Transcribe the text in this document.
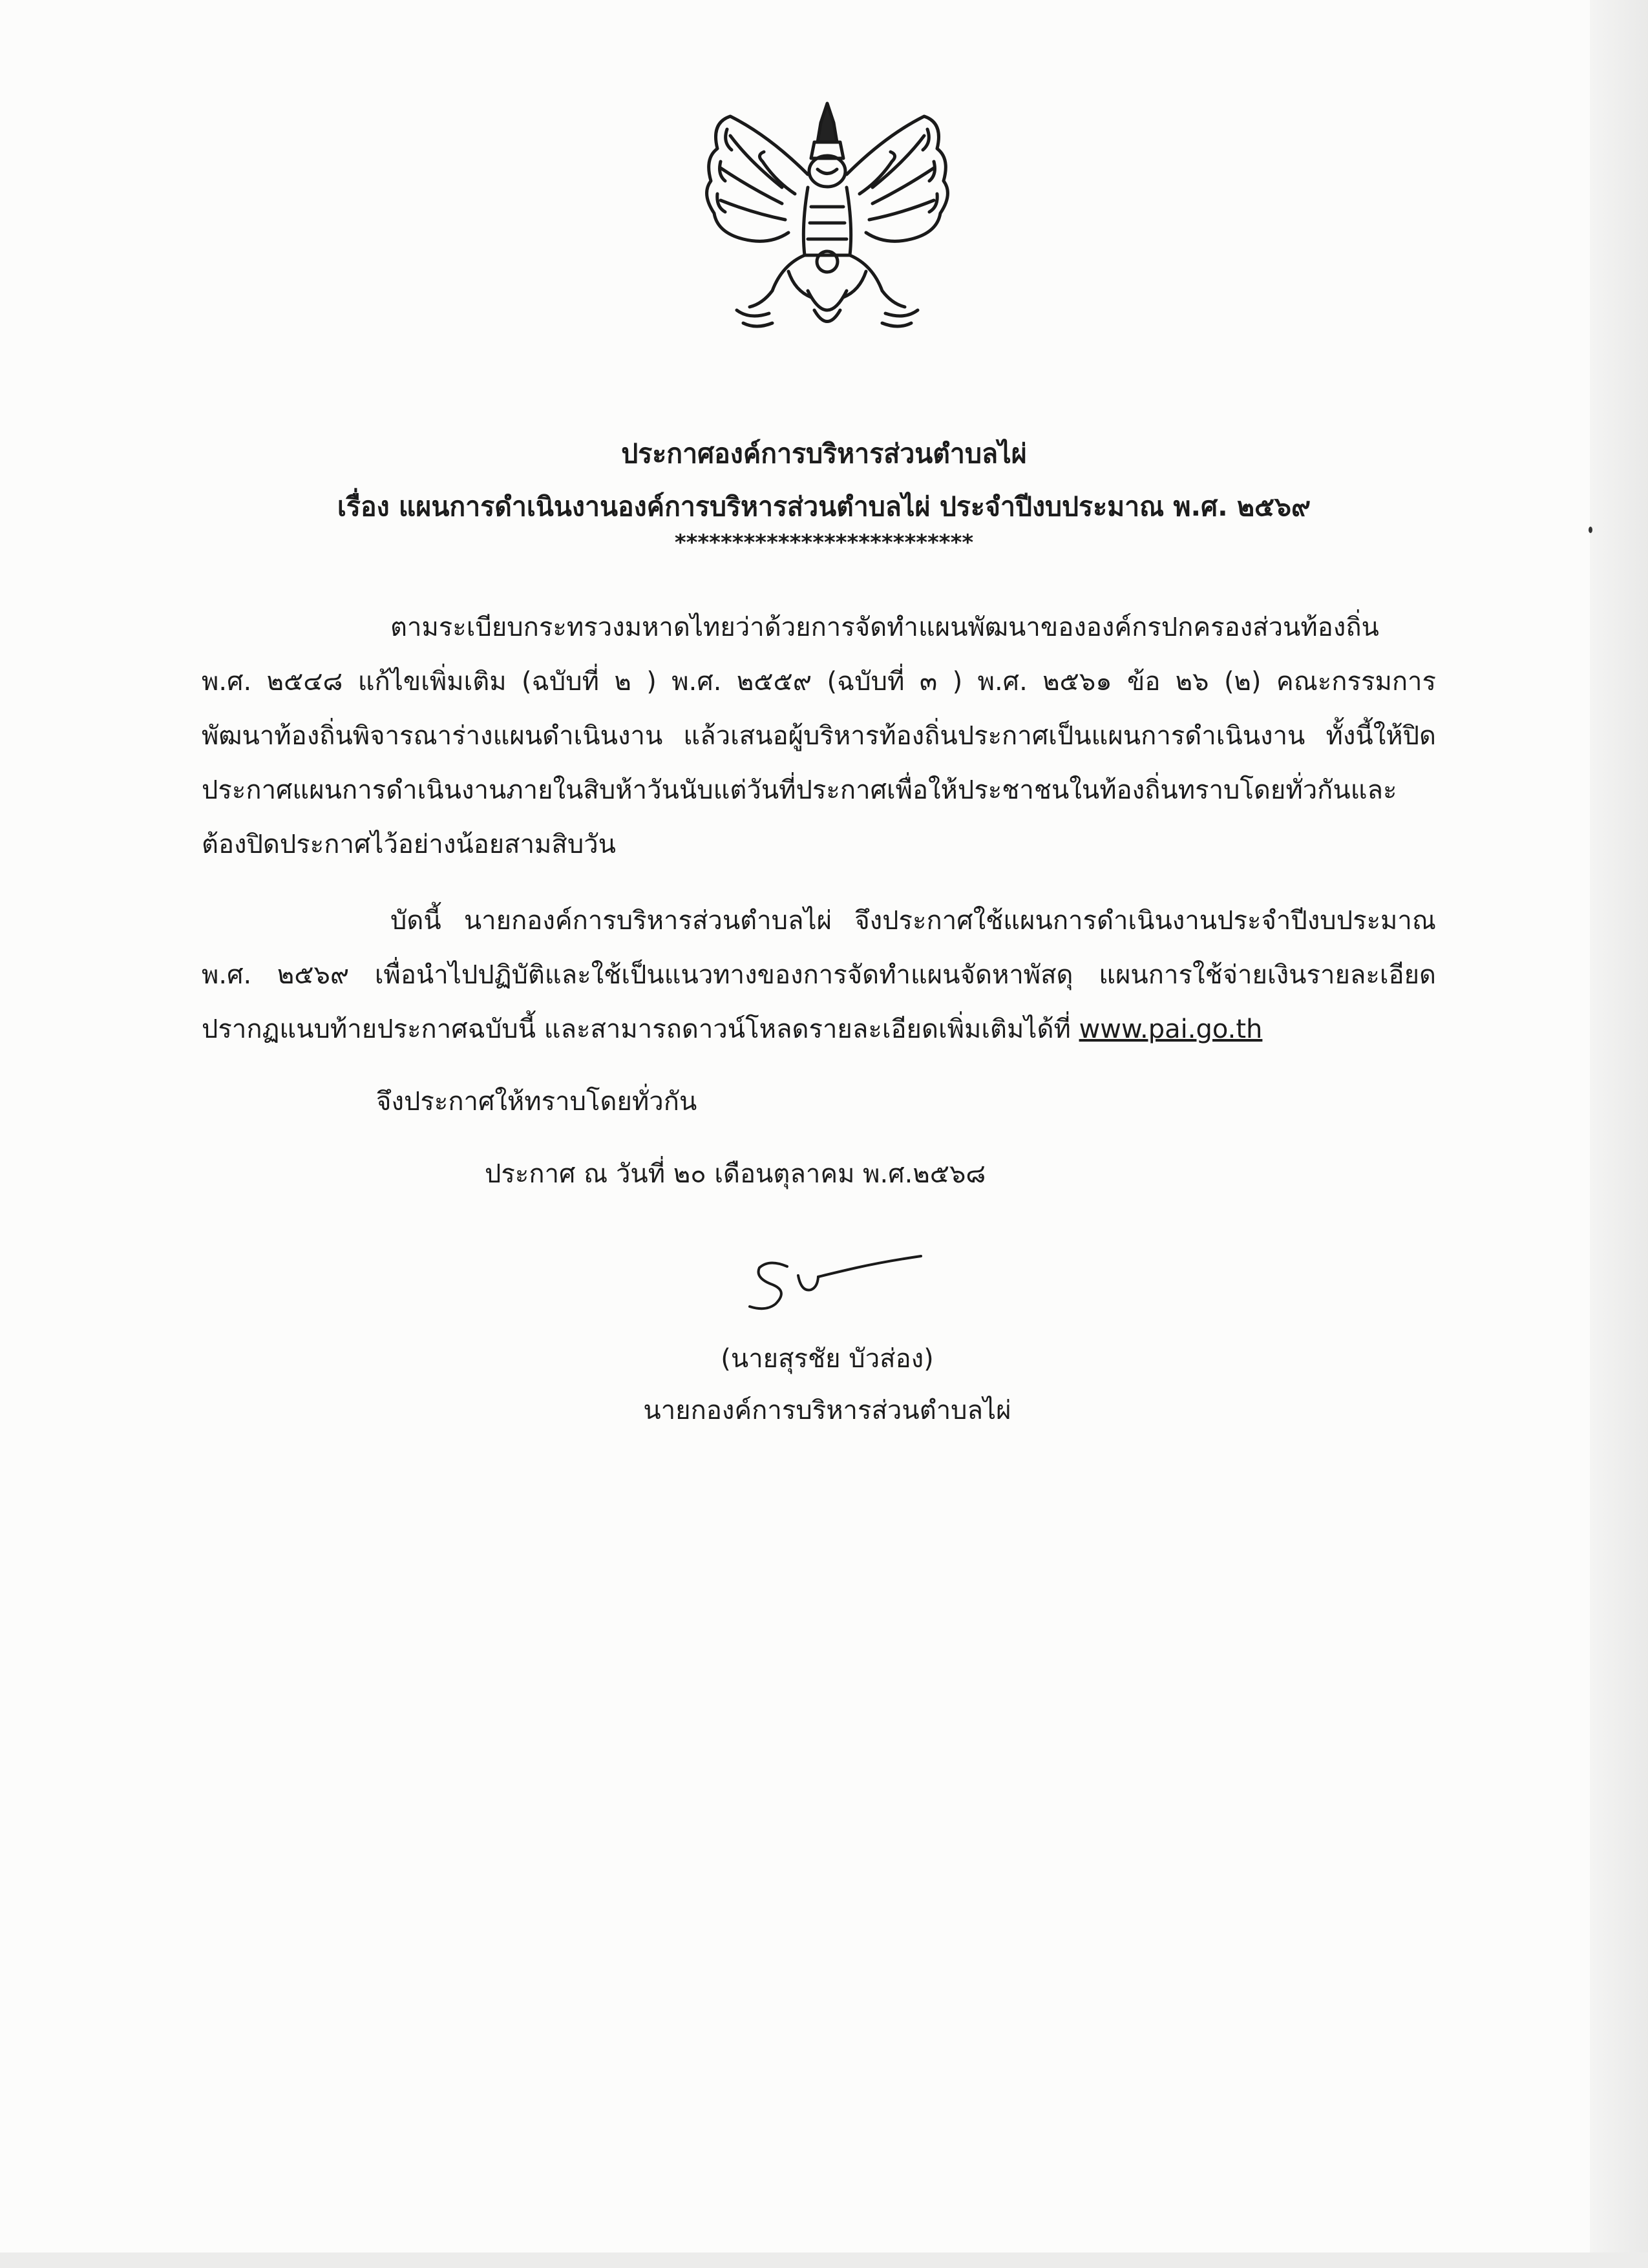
ประกาศองค์การบริหารส่วนตำบลไผ่
เรื่อง แผนการดำเนินงานองค์การบริหารส่วนตำบลไผ่ ประจำปีงบประมาณ พ.ศ. ๒๕๖๙
**************************
ตามระเบียบกระทรวงมหาดไทยว่าด้วยการจัดทำแผนพัฒนาขององค์กรปกครองส่วนท้องถิ่น
พ.ศ. ๒๕๔๘ แก้ไขเพิ่มเติม (ฉบับที่ ๒ ) พ.ศ. ๒๕๕๙ (ฉบับที่ ๓ ) พ.ศ. ๒๕๖๑ ข้อ ๒๖ (๒) คณะกรรมการ
พัฒนาท้องถิ่นพิจารณาร่างแผนดำเนินงาน แล้วเสนอผู้บริหารท้องถิ่นประกาศเป็นแผนการดำเนินงาน ทั้งนี้ให้ปิด
ประกาศแผนการดำเนินงานภายในสิบห้าวันนับแต่วันที่ประกาศเพื่อให้ประชาชนในท้องถิ่นทราบโดยทั่วกันและ
ต้องปิดประกาศไว้อย่างน้อยสามสิบวัน
บัดนี้ นายกองค์การบริหารส่วนตำบลไผ่ จึงประกาศใช้แผนการดำเนินงานประจำปีงบประมาณ
พ.ศ. ๒๕๖๙ เพื่อนำไปปฏิบัติและใช้เป็นแนวทางของการจัดทำแผนจัดหาพัสดุ แผนการใช้จ่ายเงินรายละเอียด
ปรากฏแนบท้ายประกาศฉบับนี้ และสามารถดาวน์โหลดรายละเอียดเพิ่มเติมได้ที่ www.pai.go.th
จึงประกาศให้ทราบโดยทั่วกัน
ประกาศ ณ วันที่ ๒๐ เดือนตุลาคม พ.ศ.๒๕๖๘
(นายสุรชัย บัวส่อง)
นายกองค์การบริหารส่วนตำบลไผ่
